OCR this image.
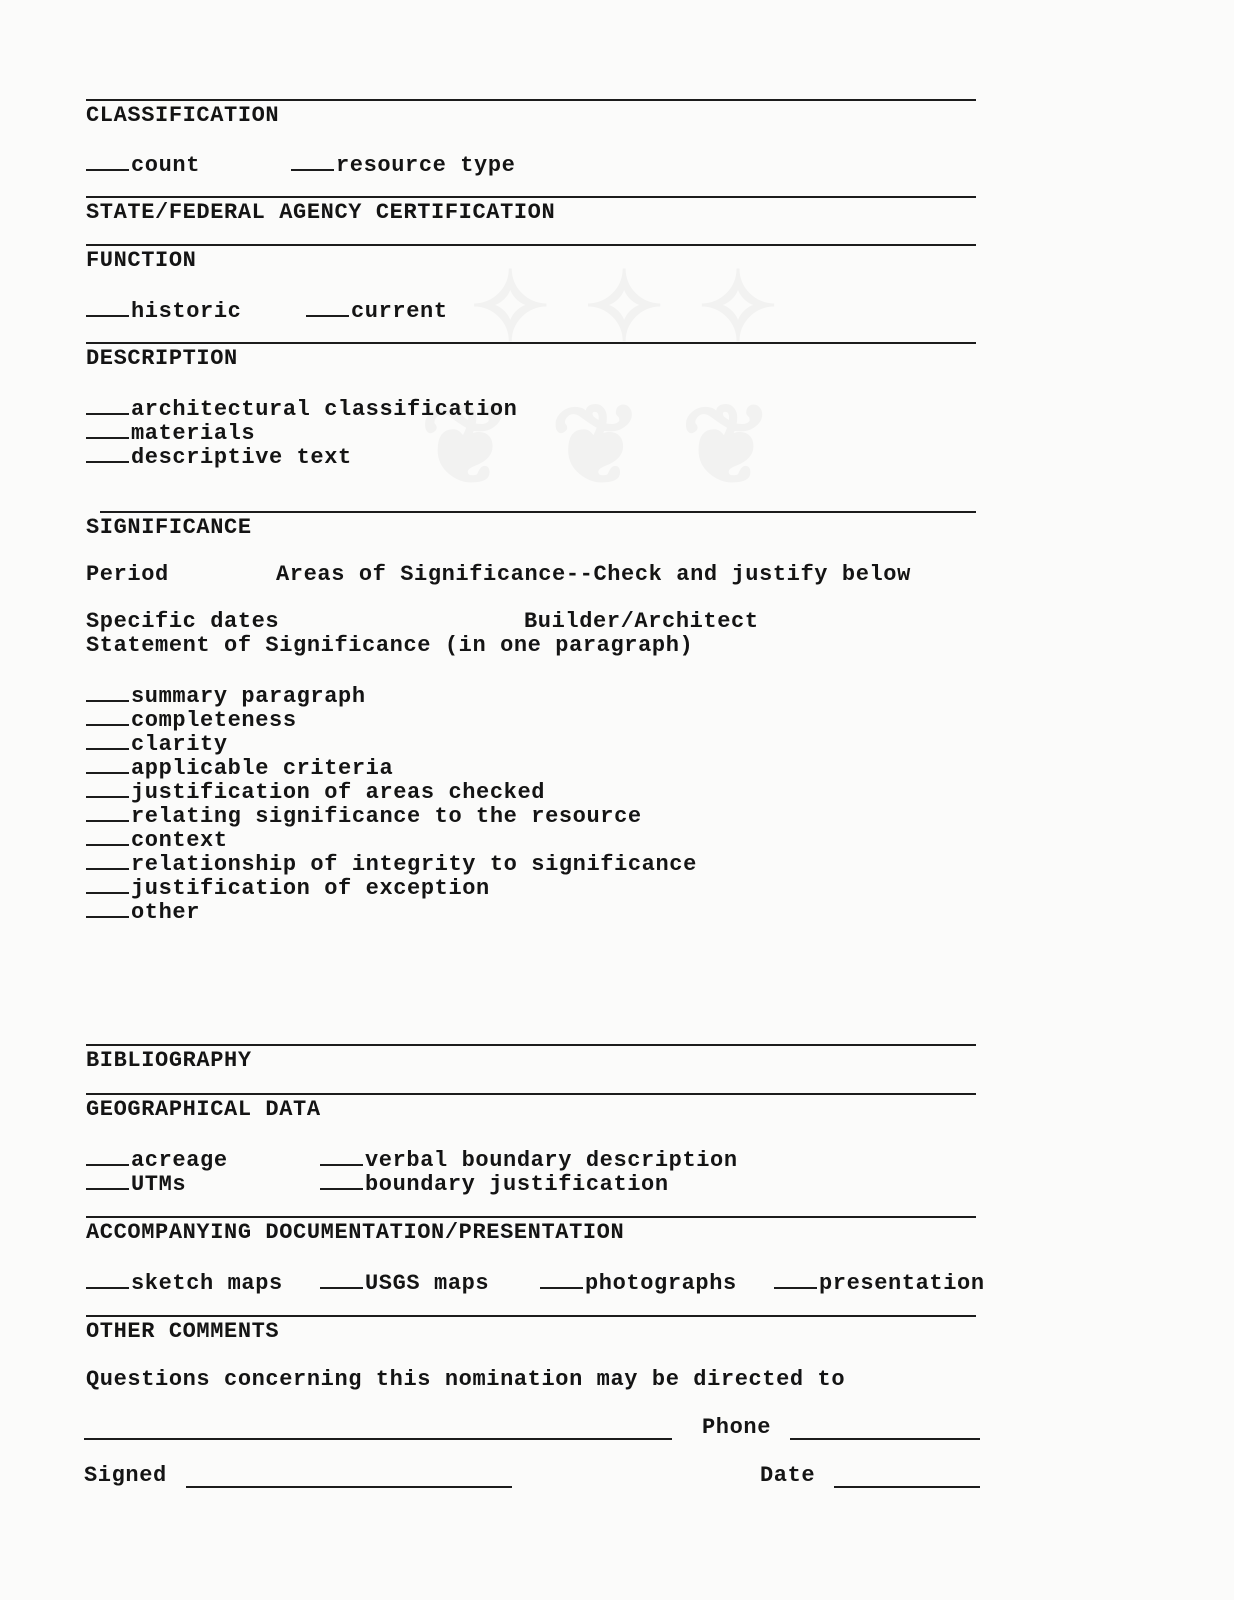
CLASSIFICATION
count	resource type
STATE/FEDERAL AGENCY CERTIFICATION
FUNCTION
historic	current
DESCRIPTION
architectural classification
materials
descriptive text
SIGNIFICANCE
Period	Areas of Significance--Check and justify below
Specific dates	Builder/Architect
Statement of Significance (in one paragraph)
summary paragraph
completeness
clarity
applicable criteria
justification of areas checked
relating significance to the resource
context
relationship of integrity to significance
justification of exception
other
BIBLIOGRAPHY
GEOGRAPHICAL DATA
acreage	verbal boundary description
UTMs	boundary justification
ACCOMPANYING DOCUMENTATION/PRESENTATION
sketch maps	USGS maps	photographs	presentation
OTHER COMMENTS
Questions concerning this nomination may be directed to
Phone
Signed	Date
